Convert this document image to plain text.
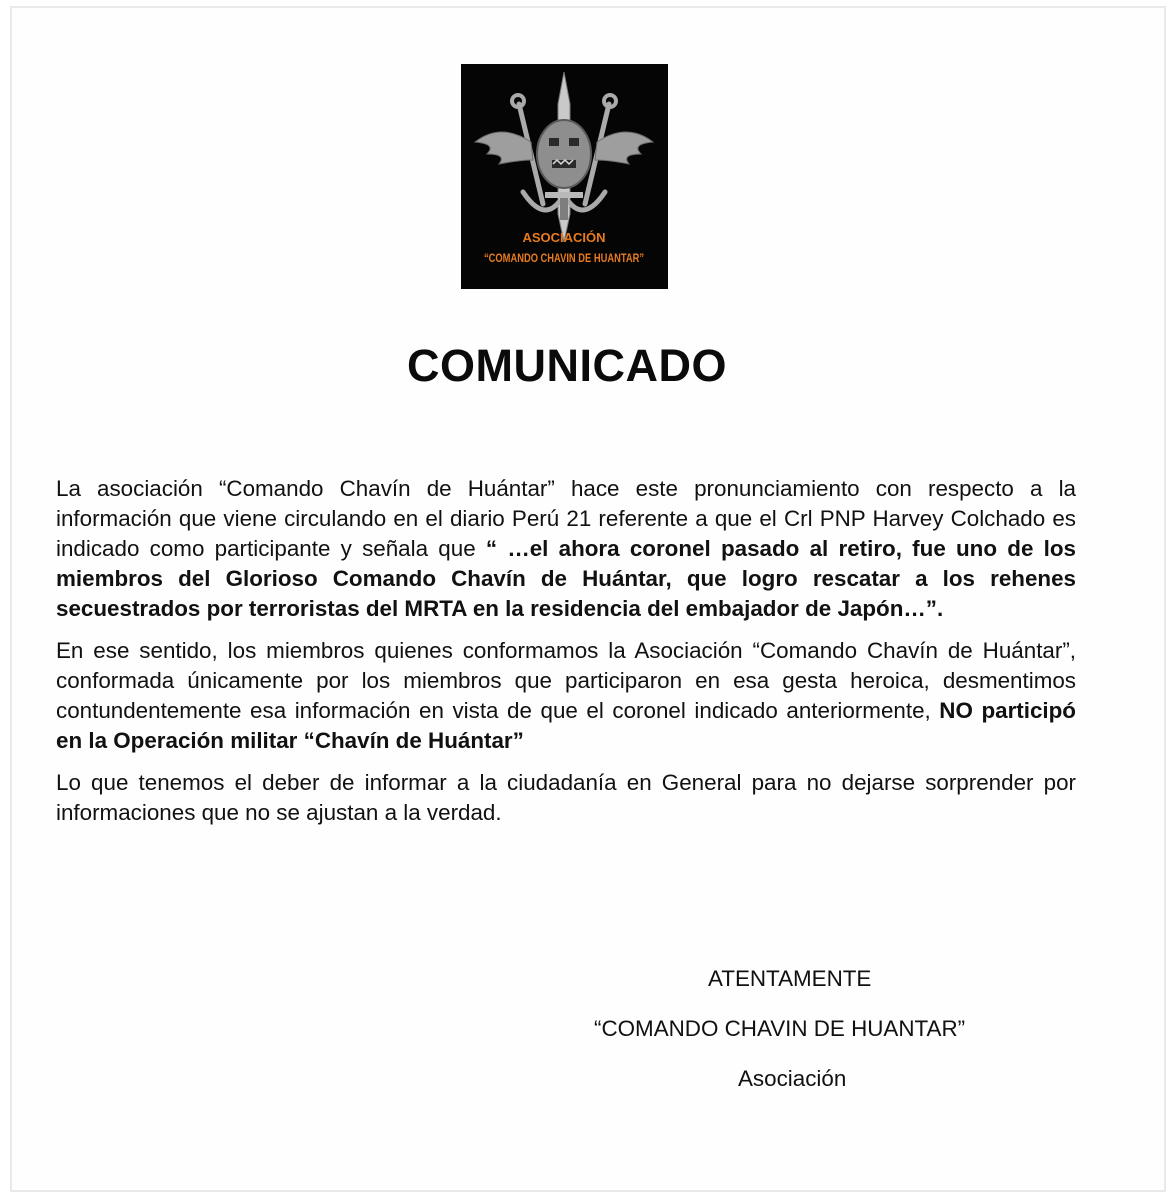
ASOCIACIÓN
“COMANDO CHAVIN DE HUANTAR”
COMUNICADO

La asociación “Comando Chavín de Huántar” hace este pronunciamiento con respecto a la información que viene circulando en el diario Perú 21 referente a que el Crl PNP Harvey Colchado es indicado como participante y señala que “ …el ahora coronel pasado al retiro, fue uno de los miembros del Glorioso Comando Chavín de Huántar, que logro rescatar a los rehenes secuestrados por terroristas del MRTA en la residencia del embajador de Japón…”.

En ese sentido, los miembros quienes conformamos la Asociación “Comando Chavín de Huántar”, conformada únicamente por los miembros que participaron en esa gesta heroica, desmentimos contundentemente esa información en vista de que el coronel indicado anteriormente, NO participó en la Operación militar “Chavín de Huántar”

Lo que tenemos el deber de informar a la ciudadanía en General para no dejarse sorprender por informaciones que no se ajustan a la verdad.

ATENTAMENTE
“COMANDO CHAVIN DE HUANTAR”
Asociación
